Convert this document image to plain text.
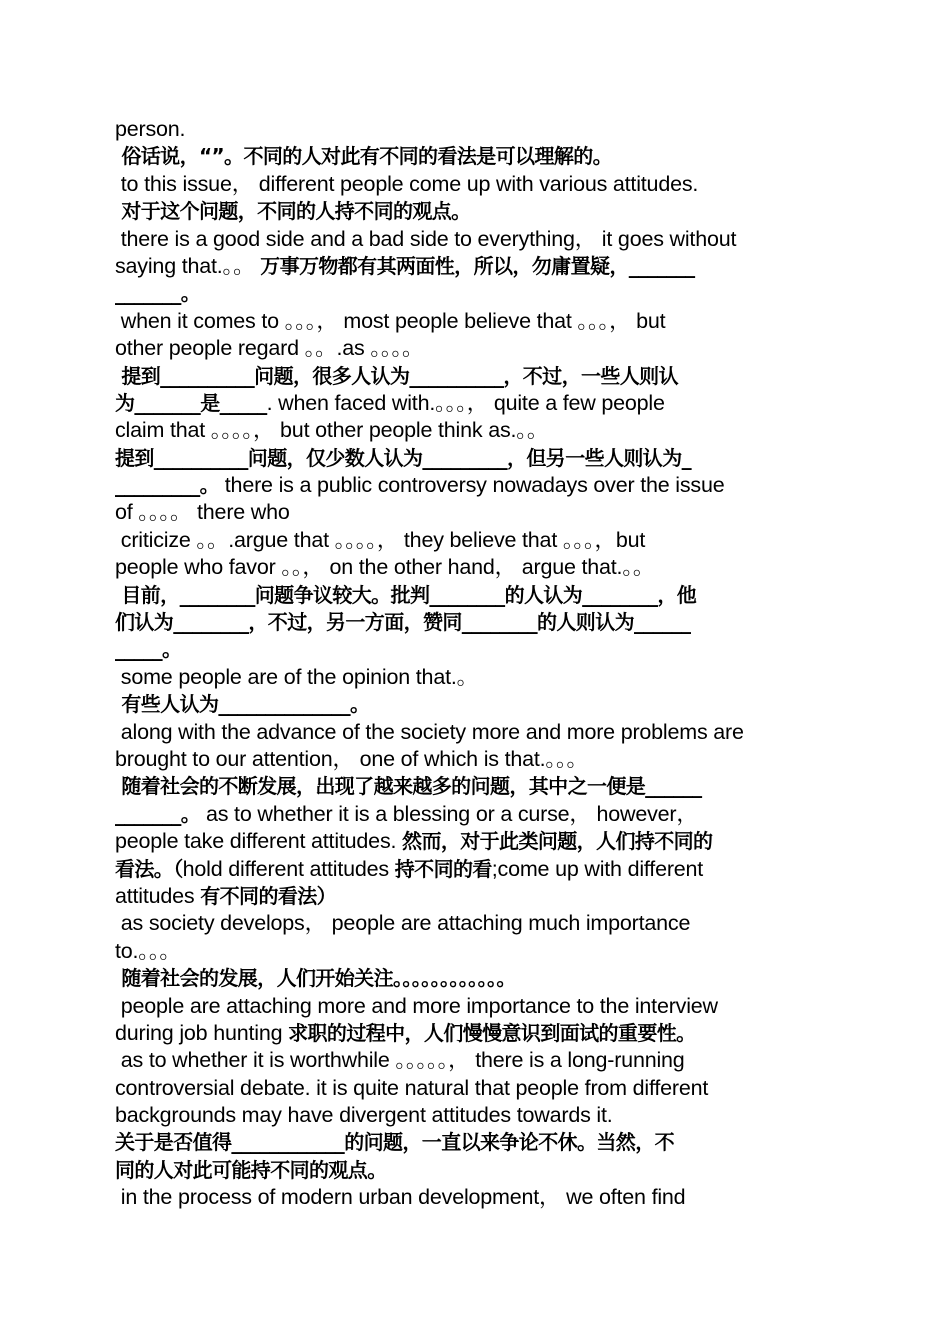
person.
俗话说，“”。不同的人对此有不同的看法是可以理解的。
to this issue， different people come up with various attitudes.
对于这个问题，不同的人持不同的观点。
there is a good side and a bad side to everything， it goes without
saying that.。。 万事万物都有其两面性，所以，勿庸置疑，_______
_______。
when it comes to 。。。， most people believe that 。。。， but
other people regard 。。.as 。。。。
提到__________问题，很多人认为__________，不过，一些人则认
为_______是_____. when faced with.。。。， quite a few people
claim that 。。。。， but other people think as.。。
提到__________问题，仅少数人认为_________，但另一些人则认为_
_________。 there is a public controversy nowadays over the issue
of 。。。。 there who
criticize 。。.argue that 。。。。， they believe that 。。。，but
people who favor 。。， on the other hand， argue that.。。
目前，________问题争议较大。批判________的人认为________，他
们认为________，不过，另一方面，赞同________的人则认为______
_____。
some people are of the opinion that.。
有些人认为______________。
along with the advance of the society more and more problems are
brought to our attention， one of which is that.。。。
随着社会的不断发展，出现了越来越多的问题，其中之一便是______
_______。 as to whether it is a blessing or a curse， however，
people take different attitudes. 然而，对于此类问题，人们持不同的
看法。（hold different attitudes 持不同的看;come up with different
attitudes 有不同的看法）
as society develops， people are attaching much importance
to.。。。
随着社会的发展，人们开始关注。。。。。。。。。。。。
people are attaching more and more importance to the interview
during job hunting 求职的过程中，人们慢慢意识到面试的重要性。
as to whether it is worthwhile 。。。。。， there is a long-running
controversial debate. it is quite natural that people from different
backgrounds may have divergent attitudes towards it.
关于是否值得____________的问题，一直以来争论不休。当然，不
同的人对此可能持不同的观点。
in the process of modern urban development， we often find
